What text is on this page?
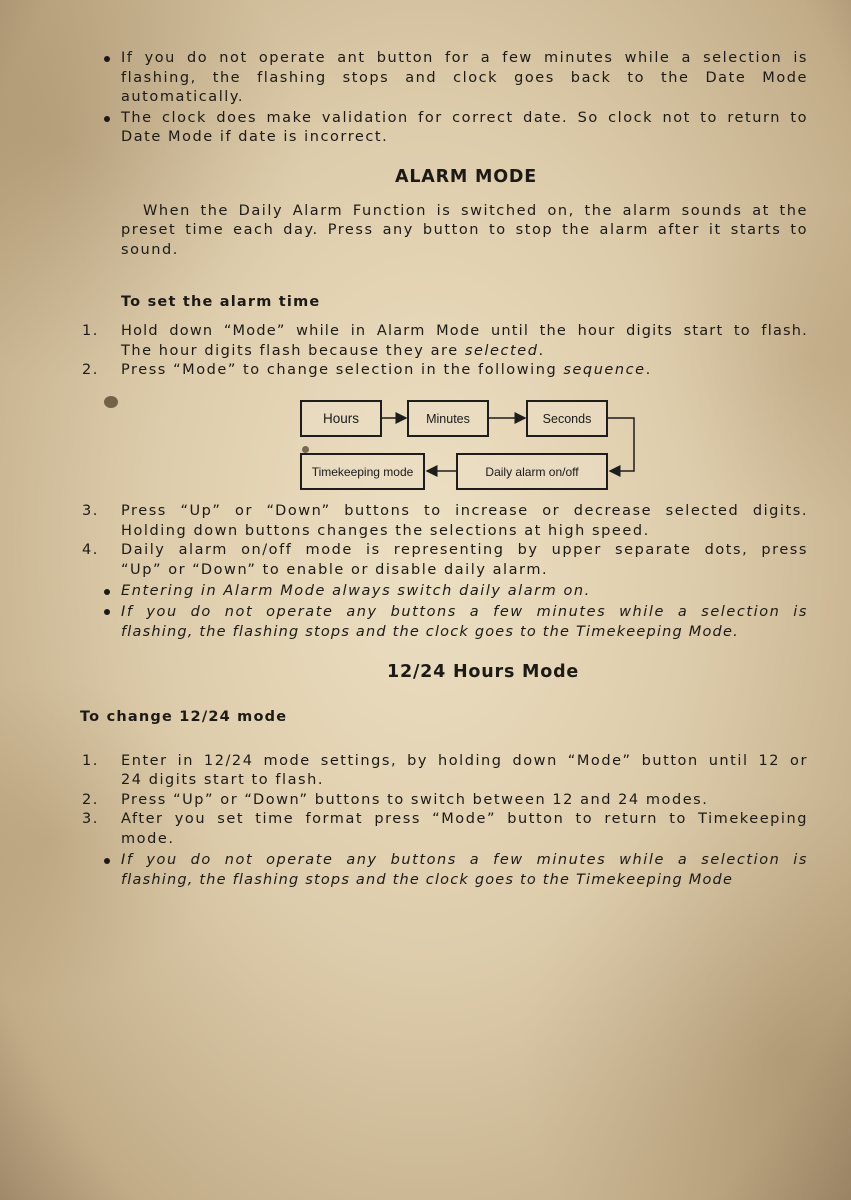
If you do not operate ant button for a few minutes while a selection is
flashing, the flashing stops and clock goes back to the Date Mode
automatically.
The clock does make validation for correct date. So clock not to return to
Date Mode if date is incorrect.
ALARM MODE
When the Daily Alarm Function is switched on, the alarm sounds at the
preset time each day. Press any button to stop the alarm after it starts to
sound.
To set the alarm time
1. Hold down “Mode” while in Alarm Mode until the hour digits start to flash.
The hour digits flash because they are selected.
2. Press “Mode” to change selection in the following sequence.
Hours	Minutes	Seconds
Daily alarm on/off
Timekeeping mode
3. Press “Up” or “Down” buttons to increase or decrease selected digits.
Holding down buttons changes the selections at high speed.
4. Daily alarm on/off mode is representing by upper separate dots, press
“Up” or “Down” to enable or disable daily alarm.
Entering in Alarm Mode always switch daily alarm on.
If you do not operate any buttons a few minutes while a selection is
flashing, the flashing stops and the clock goes to the Timekeeping Mode.
12/24 Hours Mode
To change 12/24 mode
1. Enter in 12/24 mode settings, by holding down “Mode” button until 12 or
24 digits start to flash.
2. Press “Up” or “Down” buttons to switch between 12 and 24 modes.
3. After you set time format press “Mode” button to return to Timekeeping
mode.
If you do not operate any buttons a few minutes while a selection is
flashing, the flashing stops and the clock goes to the Timekeeping Mode
